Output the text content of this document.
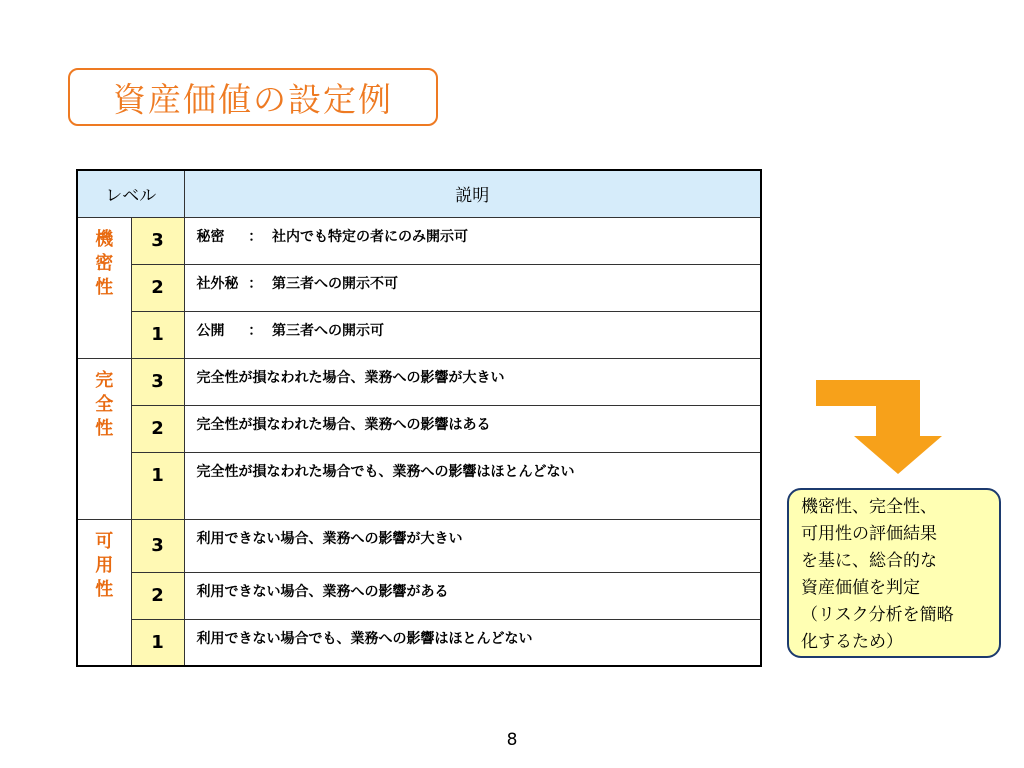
資産価値の設定例
レベル		説明
機密性	3	秘密　  ：  社内でも特定の者にのみ開示可
	2	社外秘  ：  第三者への開示不可
	1	公開　  ：  第三者への開示可
完全性	3	完全性が損なわれた場合、業務への影響が大きい
	2	完全性が損なわれた場合、業務への影響はある
	1	完全性が損なわれた場合でも、業務への影響はほとんどない
可用性	3	利用できない場合、業務への影響が大きい
	2	利用できない場合、業務への影響がある
	1	利用できない場合でも、業務への影響はほとんどない
機密性、完全性、
可用性の評価結果
を基に、総合的な
資産価値を判定
（リスク分析を簡略
化するため）
8
